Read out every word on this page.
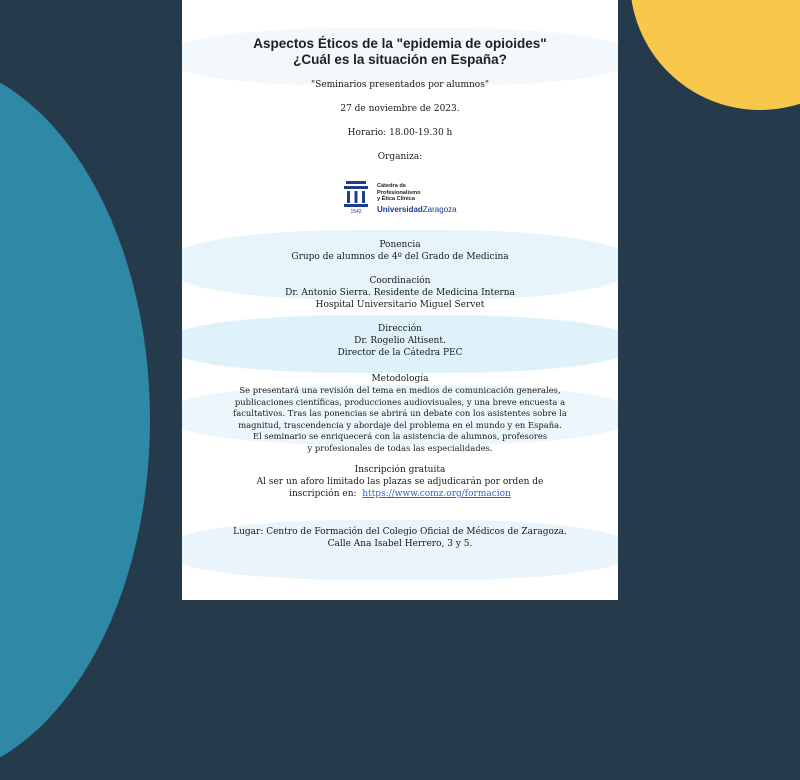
Aspectos Éticos de la "epidemia de opioides"
¿Cuál es la situación en España?
"Seminarios presentados por alumnos"
27 de noviembre de 2023.
Horario: 18.00-19.30 h
Organiza:
1542
Cátedra de
Profesionalismo
y Ética Clínica
UniversidadZaragoza
Ponencia
Grupo de alumnos de 4º del Grado de Medicina
Coordinación
Dr. Antonio Sierra. Residente de Medicina Interna
Hospital Universitario Miguel Servet
Dirección
Dr. Rogelio Altisent.
Director de la Cátedra PEC
Metodología
Se presentará una revisión del tema en medios de comunicación generales,
publicaciones científicas, producciones audiovisuales, y una breve encuesta a
facultativos. Tras las ponencias se abrirá un debate con los asistentes sobre la
magnitud, trascendencia y abordaje del problema en el mundo y en España.
El seminario se enriquecerá con la asistencia de alumnos, profesores
y profesionales de todas las especialidades.
Inscripción gratuita
Al ser un aforo limitado las plazas se adjudicarán por orden de
inscripción en: https://www.comz.org/formacion
Lugar: Centro de Formación del Colegio Oficial de Médicos de Zaragoza.
Calle Ana Isabel Herrero, 3 y 5.
